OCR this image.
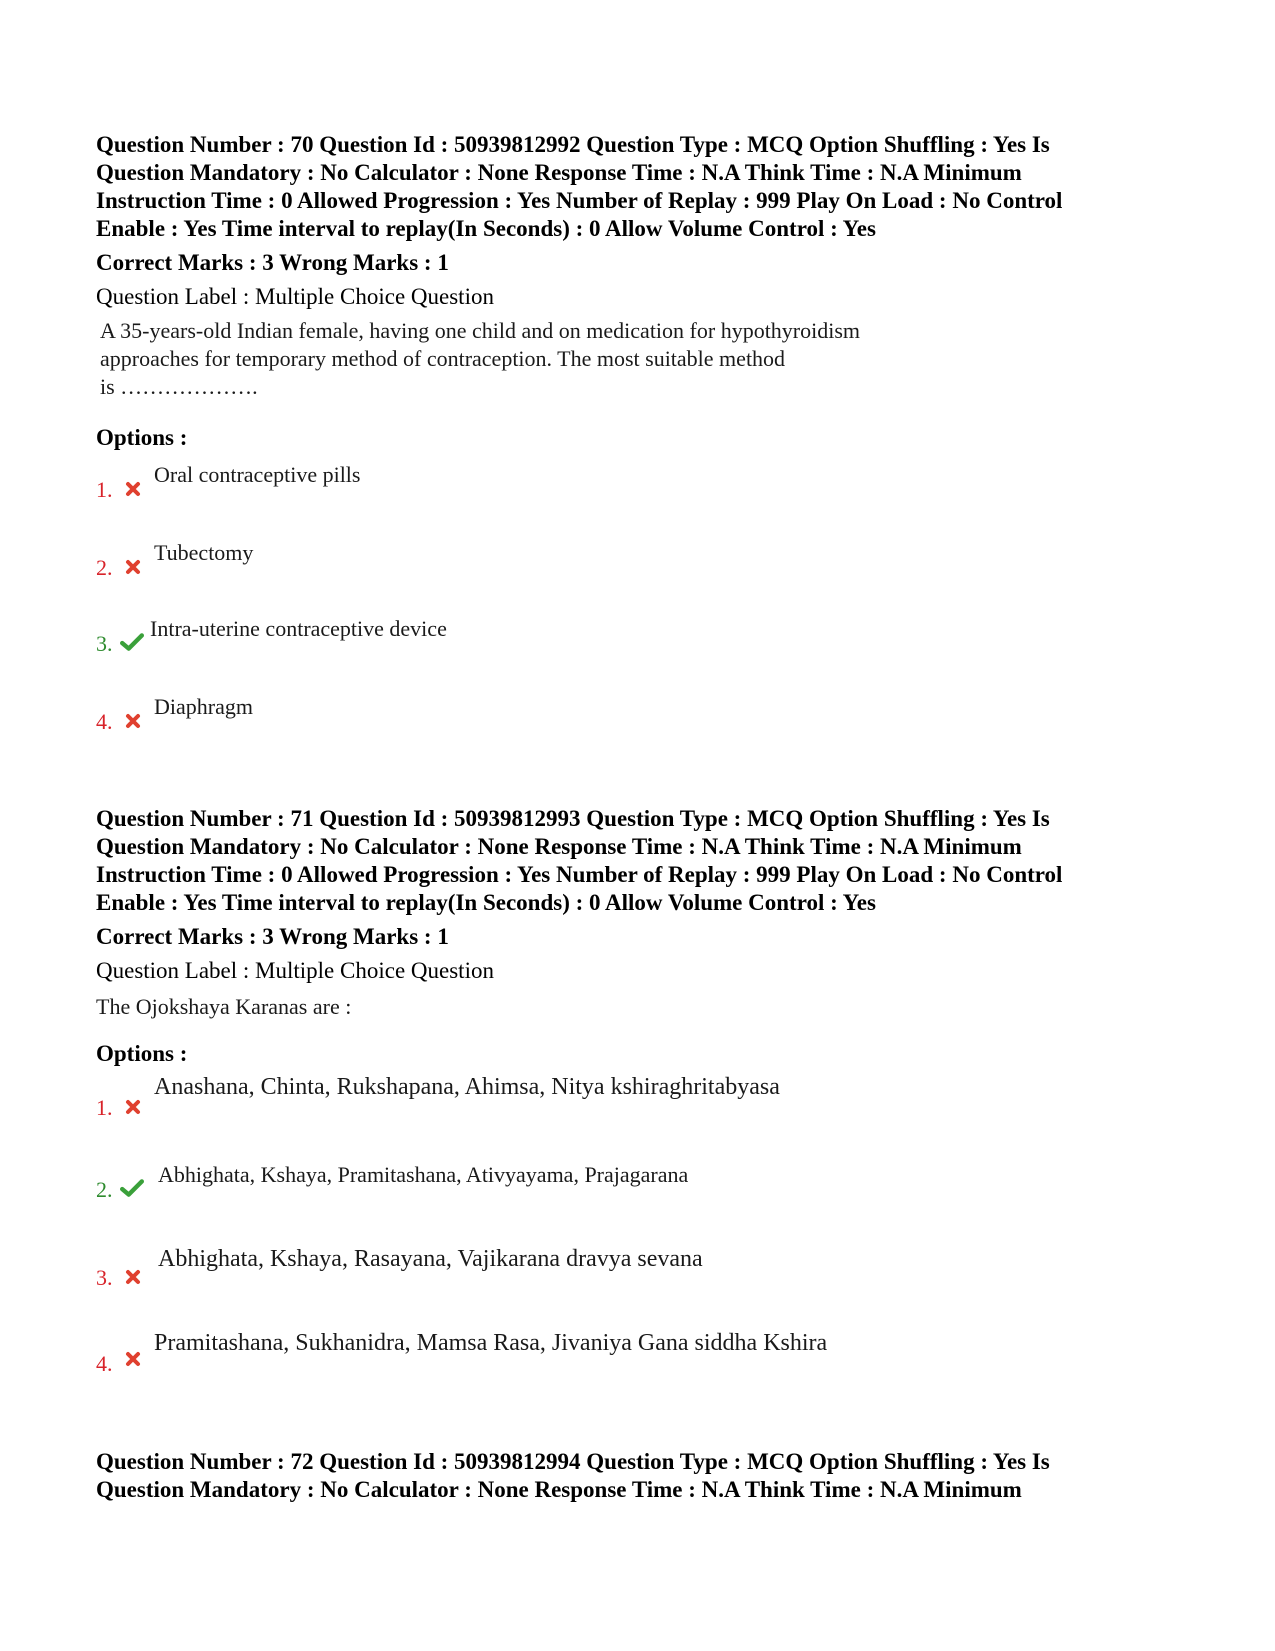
Question Number : 70 Question Id : 50939812992 Question Type : MCQ Option Shuffling : Yes Is
Question Mandatory : No Calculator : None Response Time : N.A Think Time : N.A Minimum
Instruction Time : 0 Allowed Progression : Yes Number of Replay : 999 Play On Load : No Control
Enable : Yes Time interval to replay(In Seconds) : 0 Allow Volume Control : Yes
Correct Marks : 3 Wrong Marks : 1
Question Label : Multiple Choice Question
A 35-years-old Indian female, having one child and on medication for hypothyroidism
approaches for temporary method of contraception. The most suitable method
is ……………….
Options :
1.
Oral contraceptive pills
2.
Tubectomy
3.
Intra-uterine contraceptive device
4.
Diaphragm
Question Number : 71 Question Id : 50939812993 Question Type : MCQ Option Shuffling : Yes Is
Question Mandatory : No Calculator : None Response Time : N.A Think Time : N.A Minimum
Instruction Time : 0 Allowed Progression : Yes Number of Replay : 999 Play On Load : No Control
Enable : Yes Time interval to replay(In Seconds) : 0 Allow Volume Control : Yes
Correct Marks : 3 Wrong Marks : 1
Question Label : Multiple Choice Question
The Ojokshaya Karanas are :
Options :
1.
Anashana, Chinta, Rukshapana, Ahimsa, Nitya kshiraghritabyasa
2.
Abhighata, Kshaya, Pramitashana, Ativyayama, Prajagarana
3.
Abhighata, Kshaya, Rasayana, Vajikarana dravya sevana
4.
Pramitashana, Sukhanidra, Mamsa Rasa, Jivaniya Gana siddha Kshira
Question Number : 72 Question Id : 50939812994 Question Type : MCQ Option Shuffling : Yes Is
Question Mandatory : No Calculator : None Response Time : N.A Think Time : N.A Minimum
